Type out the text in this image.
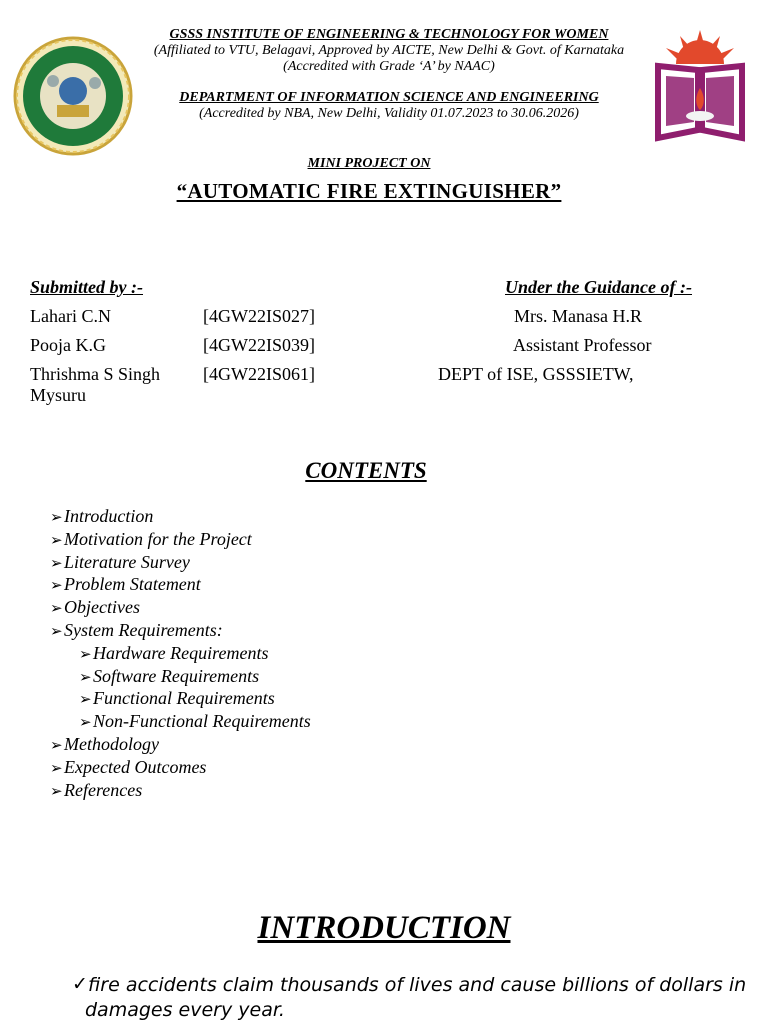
GSSS INSTITUTE OF ENGINEERING & TECHNOLOGY FOR WOMEN
(Affiliated to VTU, Belagavi, Approved by AICTE, New Delhi & Govt. of Karnataka
(Accredited with Grade ‘A’ by NAAC)
DEPARTMENT OF INFORMATION SCIENCE AND ENGINEERING
(Accredited by NBA, New Delhi, Validity 01.07.2023 to 30.06.2026)
MINI PROJECT ON
“AUTOMATIC FIRE EXTINGUISHER”
Submitted by :-	Under the Guidance of :-
Lahari C.N	[4GW22IS027]	Mrs. Manasa H.R
Pooja K.G	[4GW22IS039]	Assistant Professor
Thrishma S Singh [4GW22IS061]	DEPT of ISE, GSSSIETW,
Mysuru
CONTENTS
➢Introduction
➢Motivation for the Project
➢Literature Survey
➢Problem Statement
➢Objectives
➢System Requirements:
➢Hardware Requirements
➢Software Requirements
➢Functional Requirements
➢Non-Functional Requirements
➢Methodology
➢Expected Outcomes
➢References
INTRODUCTION
✓ fire accidents claim thousands of lives and cause billions of dollars in
damages every year.
